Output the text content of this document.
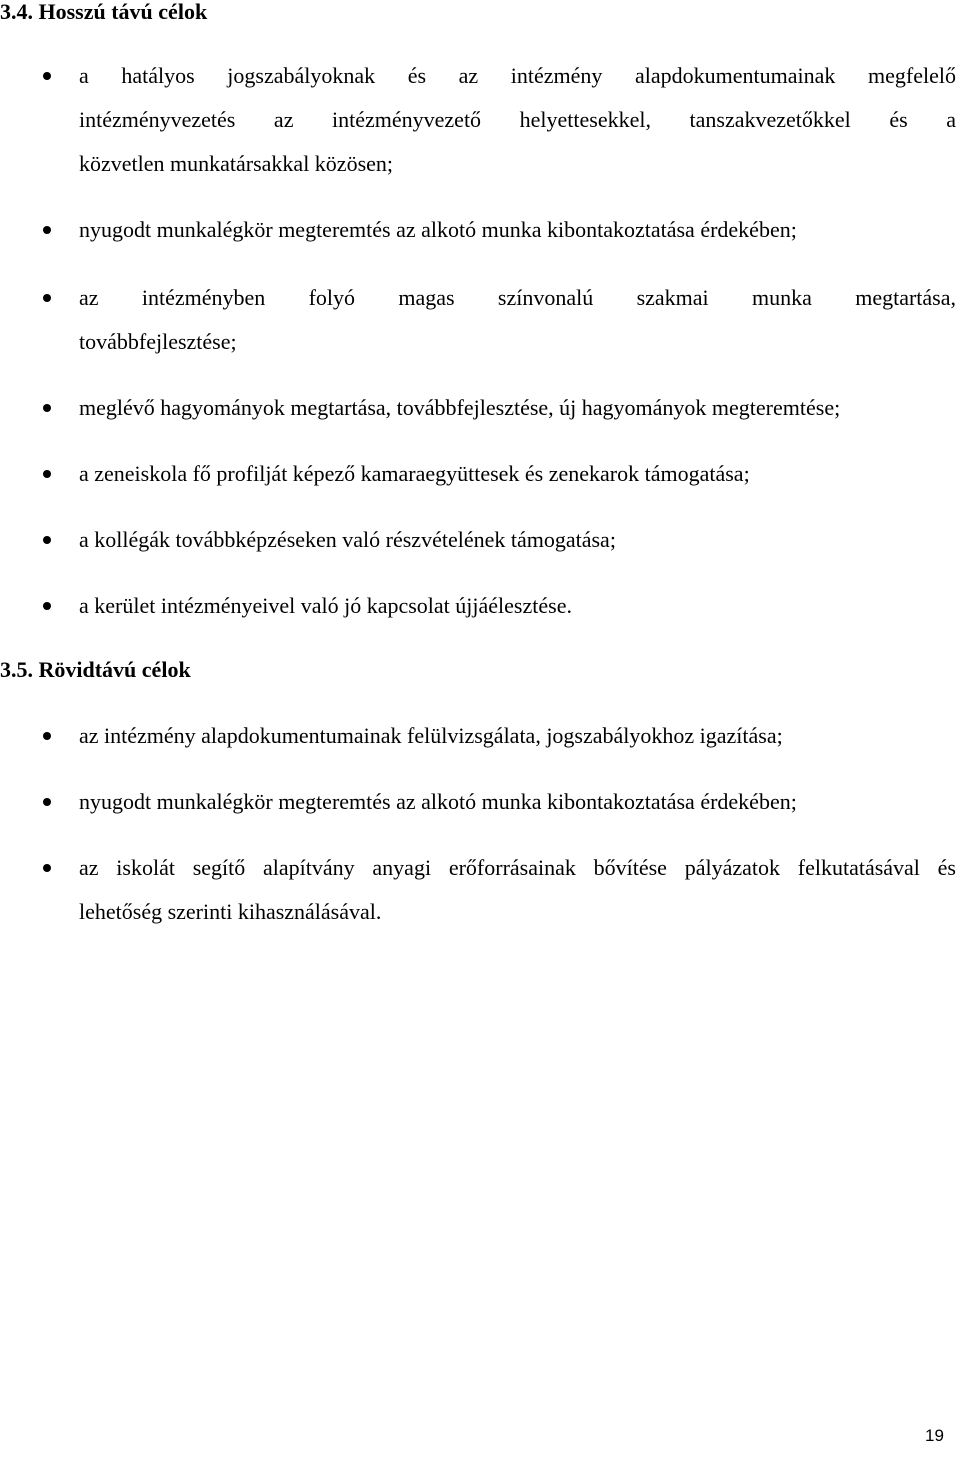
3.4. Hosszú távú célok
a hatályos jogszabályoknak és az intézmény alapdokumentumainak megfelelő
intézményvezetés az intézményvezető helyettesekkel, tanszakvezetőkkel és a
közvetlen munkatársakkal közösen;
nyugodt munkalégkör megteremtés az alkotó munka kibontakoztatása érdekében;
az intézményben folyó magas színvonalú szakmai munka megtartása,
továbbfejlesztése;
meglévő hagyományok megtartása, továbbfejlesztése, új hagyományok megteremtése;
a zeneiskola fő profilját képező kamaraegyüttesek és zenekarok támogatása;
a kollégák továbbképzéseken való részvételének támogatása;
a kerület intézményeivel való jó kapcsolat újjáélesztése.
3.5. Rövidtávú célok
az intézmény alapdokumentumainak felülvizsgálata, jogszabályokhoz igazítása;
nyugodt munkalégkör megteremtés az alkotó munka kibontakoztatása érdekében;
az iskolát segítő alapítvány anyagi erőforrásainak bővítése pályázatok felkutatásával és
lehetőség szerinti kihasználásával.

19
